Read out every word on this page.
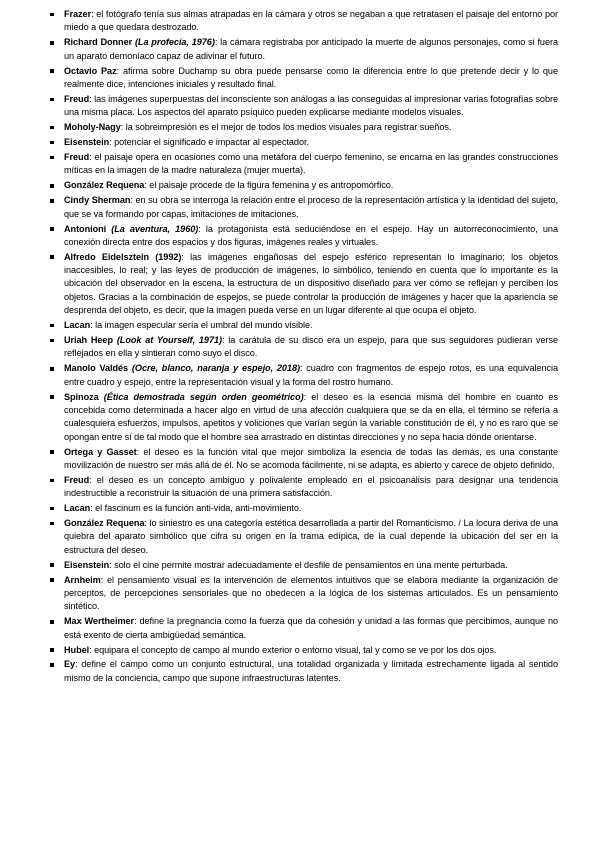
Frazer: el fotógrafo tenía sus almas atrapadas en la cámara y otros se negaban a que retratasen el paisaje del entorno por miedo a que quedara destrozado.
Richard Donner (La profecía, 1976): la cámara registraba por anticipado la muerte de algunos personajes, como si fuera un aparato demoníaco capaz de adivinar el futuro.
Octavio Paz: afirma sobre Duchamp su obra puede pensarse como la diferencia entre lo que pretende decir y lo que realmente dice, intenciones iniciales y resultado final.
Freud: las imágenes superpuestas del inconsciente son análogas a las conseguidas al impresionar varias fotografías sobre una misma placa. Los aspectos del aparato psíquico pueden explicarse mediante modelos visuales.
Moholy-Nagy: la sobreimpresión es el mejor de todos los medios visuales para registrar sueños.
Eisenstein: potenciar el significado e impactar al espectador.
Freud: el paisaje opera en ocasiones como una metáfora del cuerpo femenino, se encarna en las grandes construcciones míticas en la imagen de la madre naturaleza (mujer muerta).
González Requena: el paisaje procede de la figura femenina y es antropomórfico.
Cindy Sherman: en su obra se interroga la relación entre el proceso de la representación artística y la identidad del sujeto, que se va formando por capas, imitaciones de imitaciones.
Antonioni (La aventura, 1960): la protagonista está seduciéndose en el espejo. Hay un autorreconocimiento, una conexión directa entre dos espacios y dos figuras, imágenes reales y virtuales.
Alfredo Eidelsztein (1992): las imágenes engañosas del espejo esférico representan lo imaginario; los objetos inaccesibles, lo real; y las leyes de producción de imágenes, lo simbólico, teniendo en cuenta que lo importante es la ubicación del observador en la escena, la estructura de un dispositivo diseñado para ver cómo se reflejan y perciben los objetos. Gracias a la combinación de espejos, se puede controlar la producción de imágenes y hacer que la apariencia se desprenda del objeto, es decir, que la imagen pueda verse en un lugar diferente al que ocupa el objeto.
Lacan: la imagen especular sería el umbral del mundo visible.
Uriah Heep (Look at Yourself, 1971): la carátula de su disco era un espejo, para que sus seguidores pudieran verse reflejados en ella y sintieran como suyo el disco.
Manolo Valdés (Ocre, blanco, naranja y espejo, 2018): cuadro con fragmentos de espejo rotos, es una equivalencia entre cuadro y espejo, entre la representación visual y la forma del rostro humano.
Spinoza (Ética demostrada según orden geométrico): el deseo es la esencia misma del hombre en cuanto es concebida como determinada a hacer algo en virtud de una afección cualquiera que se da en ella, el término se refería a cualesquiera esfuerzos, impulsos, apetitos y voliciones que varían según la variable constitución de él, y no es raro que se opongan entre sí de tal modo que el hombre sea arrastrado en distintas direcciones y no sepa hacia dónde orientarse.
Ortega y Gasset: el deseo es la función vital que mejor simboliza la esencia de todas las demás, es una constante movilización de nuestro ser más allá de él. No se acomoda fácilmente, ni se adapta, es abierto y carece de objeto definido.
Freud: el deseo es un concepto ambiguo y polivalente empleado en el psicoanálisis para designar una tendencia indestructible a reconstruir la situación de una primera satisfacción.
Lacan: el fascinum es la función anti-vida, anti-movimiento.
González Requena: lo siniestro es una categoría estética desarrollada a partir del Romanticismo. / La locura deriva de una quiebra del aparato simbólico que cifra su origen en la trama edípica, de la cual depende la ubicación del ser en la estructura del deseo.
Eisenstein: solo el cine permite mostrar adecuadamente el desfile de pensamientos en una mente perturbada.
Arnheim: el pensamiento visual es la intervención de elementos intuitivos que se elabora mediante la organización de perceptos, de percepciones sensoriales que no obedecen a la lógica de los sistemas articulados. Es un pensamiento sintético.
Max Wertheimer: define la pregnancia como la fuerza que da cohesión y unidad a las formas que percibimos, aunque no está exento de cierta ambigüedad semántica.
Hubel: equipara el concepto de campo al mundo exterior o entorno visual, tal y como se ve por los dos ojos.
Ey: define el campo como un conjunto estructural, una totalidad organizada y limitada estrechamente ligada al sentido mismo de la conciencia, campo que supone infraestructuras latentes.
